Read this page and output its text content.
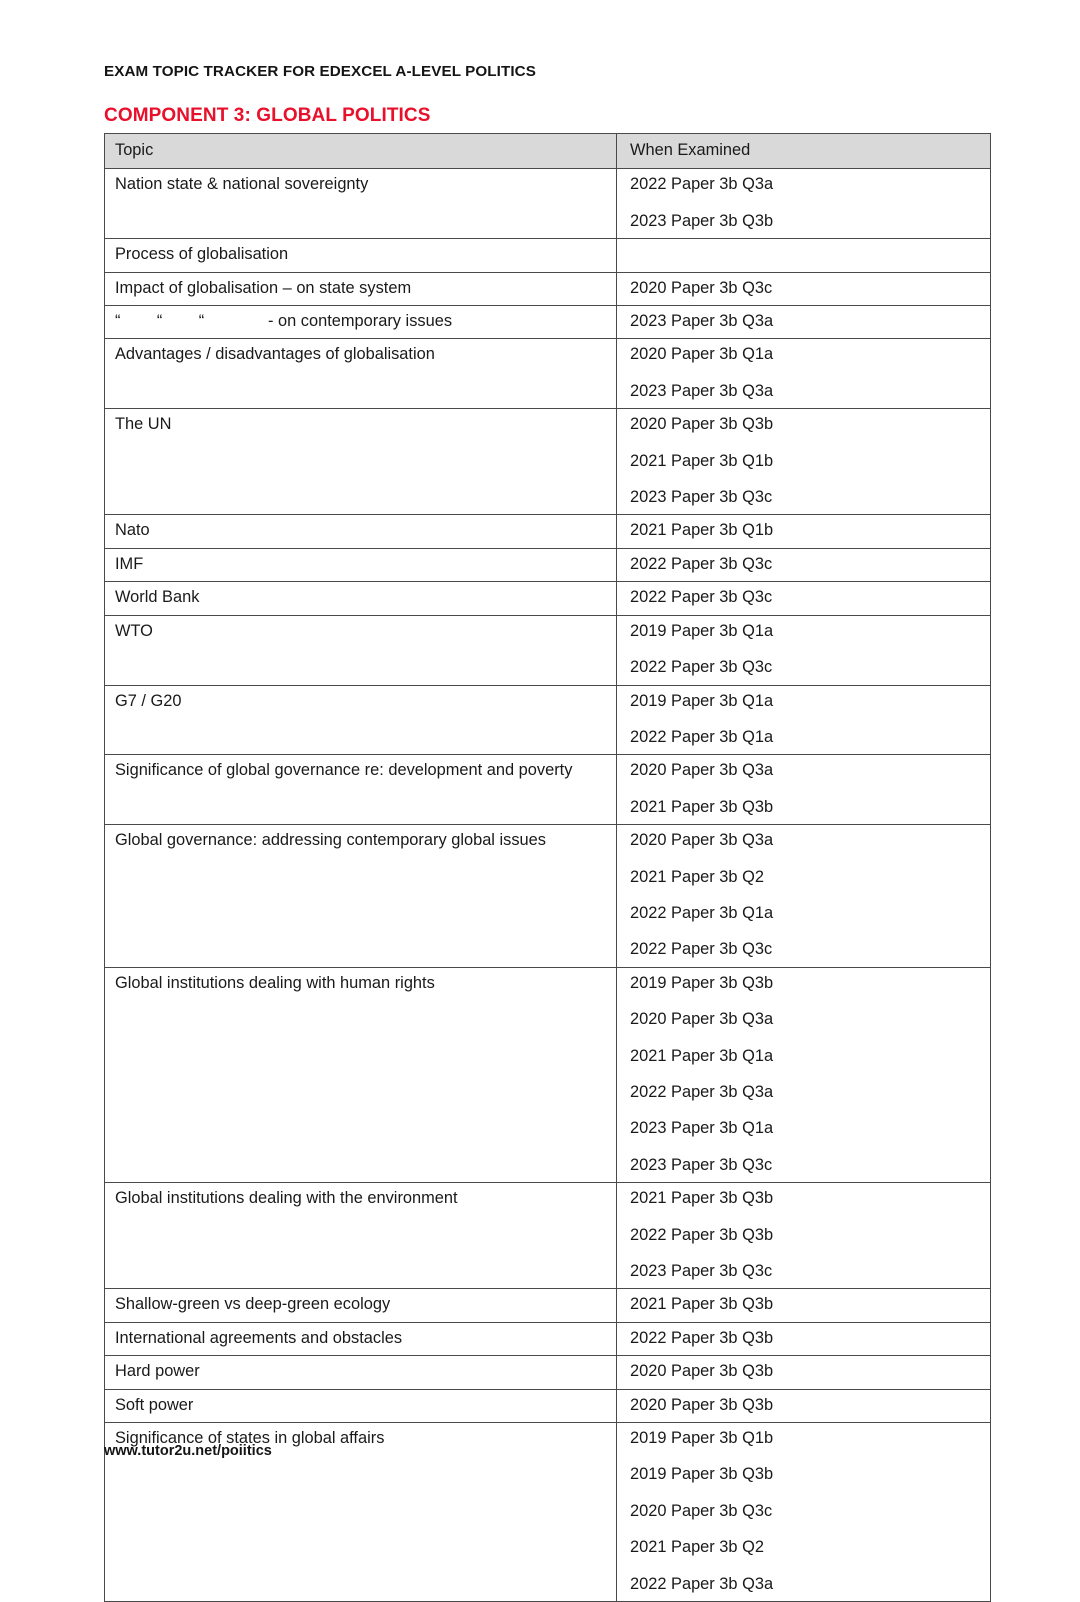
EXAM TOPIC TRACKER FOR EDEXCEL A-LEVEL POLITICS
COMPONENT 3: GLOBAL POLITICS
Topic	When Examined

Nation state & national sovereignty	2022 Paper 3b Q3a
2023 Paper 3b Q3b

Process of globalisation	

Impact of globalisation – on state system	2020 Paper 3b Q3c

“        “        “              - on contemporary issues	2023 Paper 3b Q3a

Advantages / disadvantages of globalisation	2020 Paper 3b Q1a
2023 Paper 3b Q3a

The UN	2020 Paper 3b Q3b
2021 Paper 3b Q1b
2023 Paper 3b Q3c

Nato	2021 Paper 3b Q1b

IMF	2022 Paper 3b Q3c

World Bank	2022 Paper 3b Q3c

WTO	2019 Paper 3b Q1a
2022 Paper 3b Q3c

G7 / G20	2019 Paper 3b Q1a
2022 Paper 3b Q1a

Significance of global governance re: development and poverty	2020 Paper 3b Q3a
2021 Paper 3b Q3b

Global governance: addressing contemporary global issues	2020 Paper 3b Q3a
2021 Paper 3b Q2
2022 Paper 3b Q1a
2022 Paper 3b Q3c

Global institutions dealing with human rights	2019 Paper 3b Q3b
2020 Paper 3b Q3a
2021 Paper 3b Q1a
2022 Paper 3b Q3a
2023 Paper 3b Q1a
2023 Paper 3b Q3c

Global institutions dealing with the environment	2021 Paper 3b Q3b
2022 Paper 3b Q3b
2023 Paper 3b Q3c

Shallow-green vs deep-green ecology	2021 Paper 3b Q3b

International agreements and obstacles	2022 Paper 3b Q3b

Hard power	2020 Paper 3b Q3b

Soft power	2020 Paper 3b Q3b

Significance of states in global affairs	2019 Paper 3b Q1b
2019 Paper 3b Q3b
2020 Paper 3b Q3c
2021 Paper 3b Q2
2022 Paper 3b Q3a
www.tutor2u.net/poiitics
